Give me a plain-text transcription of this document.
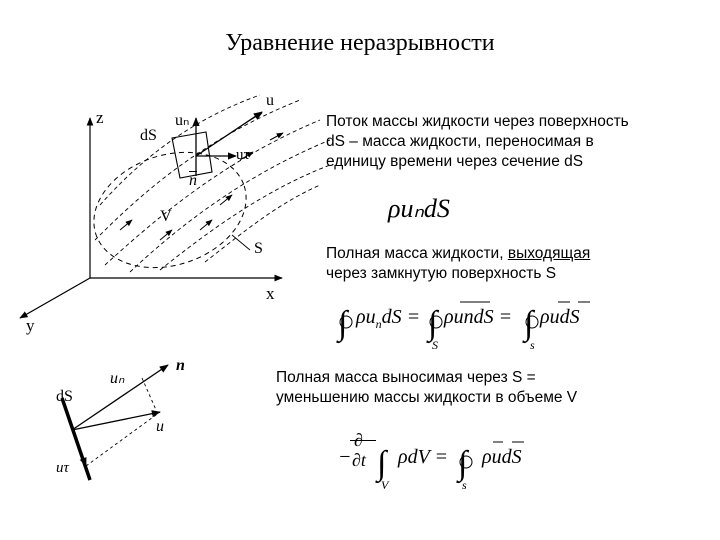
Уравнение неразрывности
∫ ∫	∫
∫ ∫
z
x
y
dS
uₙ
u
uτ
$\overline{n}$
V
S
uₙ
n
dS
u
uτ
Поток массы жидкости через поверхность
dS – масса жидкости, переносимая в
единицу времени через сечение dS
ρuₙdS
Полная масса жидкости, выходящая
через замкнутую поверхность S
$\rho u_ndS$ = ρundS = ρudS
S	s
Полная масса выносимая через S =
уменьшению массы жидкости в объеме V
−
∂
∂t ρdV = ρudS
V	s
